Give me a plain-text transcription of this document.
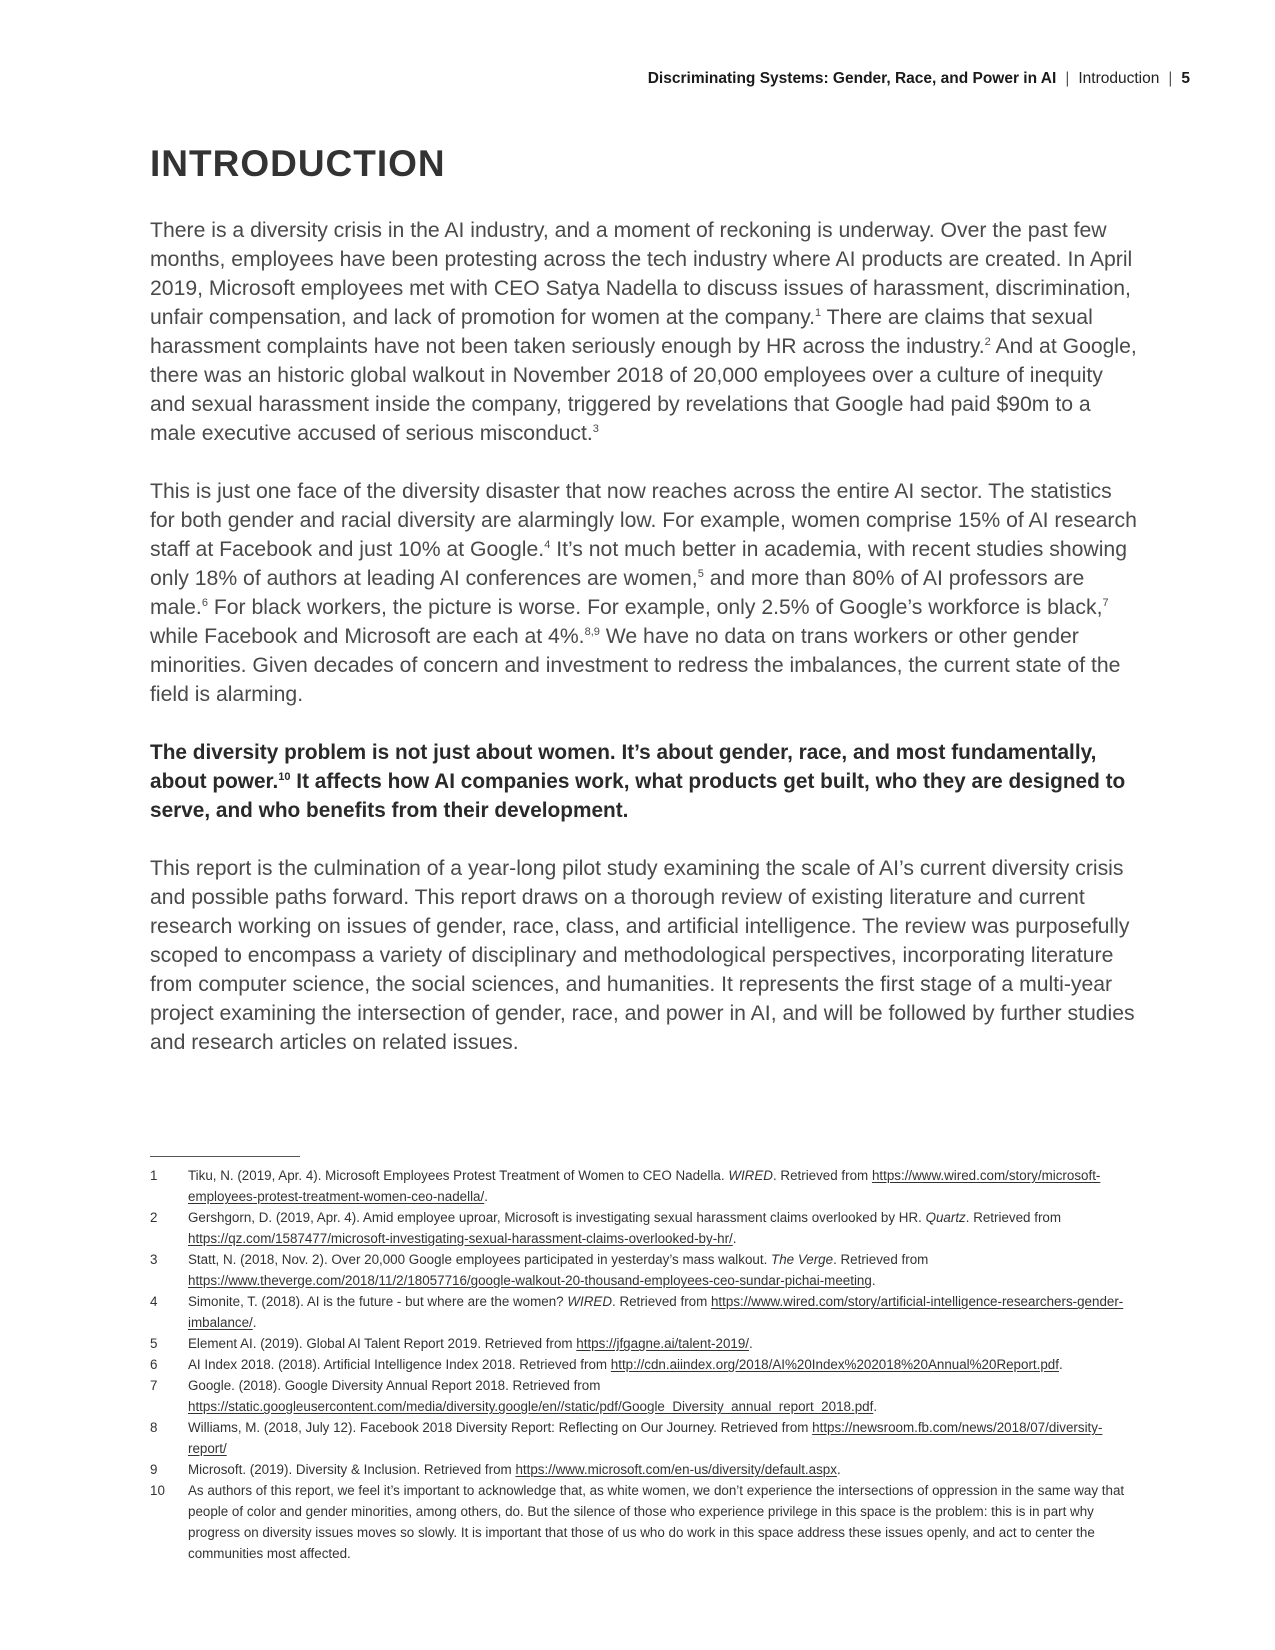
Discriminating Systems: Gender, Race, and Power in AI | Introduction | 5
INTRODUCTION

There is a diversity crisis in the AI industry, and a moment of reckoning is underway. Over the past few months, employees have been protesting across the tech industry where AI products are created. In April 2019, Microsoft employees met with CEO Satya Nadella to discuss issues of harassment, discrimination, unfair compensation, and lack of promotion for women at the company.$^1$ There are claims that sexual harassment complaints have not been taken seriously enough by HR across the industry.$^2$ And at Google, there was an historic global walkout in November 2018 of 20,000 employees over a culture of inequity and sexual harassment inside the company, triggered by revelations that Google had paid $90m to a male executive accused of serious misconduct.$^3$

This is just one face of the diversity disaster that now reaches across the entire AI sector. The statistics for both gender and racial diversity are alarmingly low. For example, women comprise 15% of AI research staff at Facebook and just 10% at Google.$^4$ It’s not much better in academia, with recent studies showing only 18% of authors at leading AI conferences are women,$^5$ and more than 80% of AI professors are male.$^6$ For black workers, the picture is worse. For example, only 2.5% of Google’s workforce is black,$^7$ while Facebook and Microsoft are each at 4%.$^{8,9}$ We have no data on trans workers or other gender minorities. Given decades of concern and investment to redress the imbalances, the current state of the field is alarming.

The diversity problem is not just about women. It’s about gender, race, and most fundamentally, about power.$^{10}$ It affects how AI companies work, what products get built, who they are designed to serve, and who benefits from their development.

This report is the culmination of a year-long pilot study examining the scale of AI’s current diversity crisis and possible paths forward. This report draws on a thorough review of existing literature and current research working on issues of gender, race, class, and artificial intelligence. The review was purposefully scoped to encompass a variety of disciplinary and methodological perspectives, incorporating literature from computer science, the social sciences, and humanities. It represents the first stage of a multi-year project examining the intersection of gender, race, and power in AI, and will be followed by further studies and research articles on related issues.

1	Tiku, N. (2019, Apr. 4). Microsoft Employees Protest Treatment of Women to CEO Nadella. WIRED. Retrieved from https://www.wired.com/story/microsoft-employees-protest-treatment-women-ceo-nadella/.
2	Gershgorn, D. (2019, Apr. 4). Amid employee uproar, Microsoft is investigating sexual harassment claims overlooked by HR. Quartz. Retrieved from https://qz.com/1587477/microsoft-investigating-sexual-harassment-claims-overlooked-by-hr/.
3	Statt, N. (2018, Nov. 2). Over 20,000 Google employees participated in yesterday’s mass walkout. The Verge. Retrieved from https://www.theverge.com/2018/11/2/18057716/google-walkout-20-thousand-employees-ceo-sundar-pichai-meeting.
4	Simonite, T. (2018). AI is the future - but where are the women? WIRED. Retrieved from https://www.wired.com/story/artificial-intelligence-researchers-gender-imbalance/.
5	Element AI. (2019). Global AI Talent Report 2019. Retrieved from https://jfgagne.ai/talent-2019/.
6	AI Index 2018. (2018). Artificial Intelligence Index 2018. Retrieved from http://cdn.aiindex.org/2018/AI%20Index%202018%20Annual%20Report.pdf.
7	Google. (2018). Google Diversity Annual Report 2018. Retrieved from https://static.googleusercontent.com/media/diversity.google/en//static/pdf/Google_Diversity_annual_report_2018.pdf.
8	Williams, M. (2018, July 12). Facebook 2018 Diversity Report: Reflecting on Our Journey. Retrieved from https://newsroom.fb.com/news/2018/07/diversity-report/
9	Microsoft. (2019). Diversity & Inclusion. Retrieved from https://www.microsoft.com/en-us/diversity/default.aspx.
10	As authors of this report, we feel it’s important to acknowledge that, as white women, we don’t experience the intersections of oppression in the same way that people of color and gender minorities, among others, do. But the silence of those who experience privilege in this space is the problem: this is in part why progress on diversity issues moves so slowly. It is important that those of us who do work in this space address these issues openly, and act to center the communities most affected.
